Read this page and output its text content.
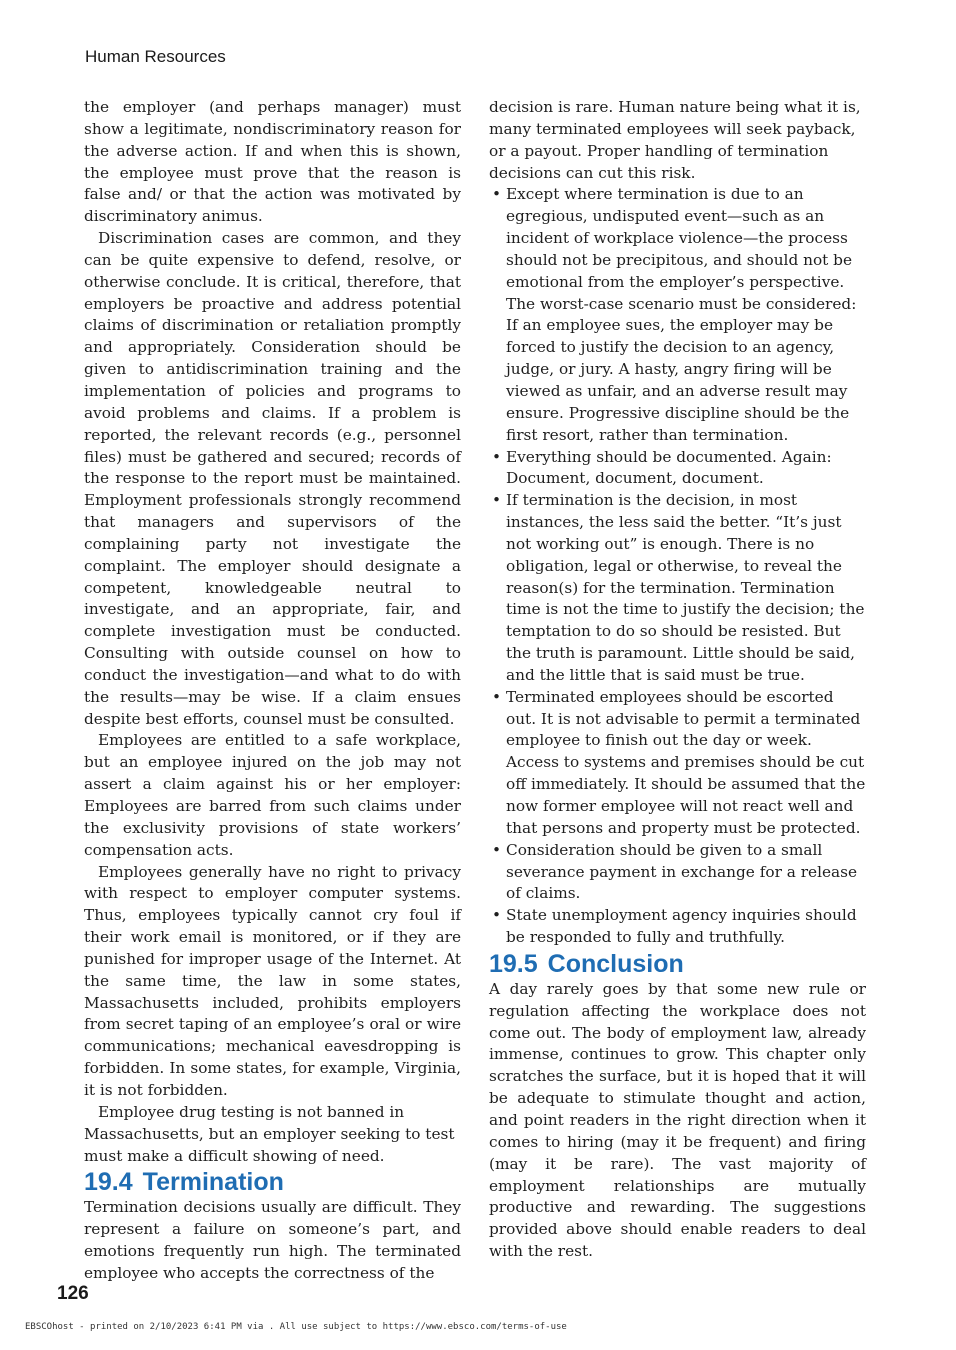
Human Resources

the employer (and perhaps manager) must show a legitimate, nondiscriminatory reason for the adverse action. If and when this is shown, the employee must prove that the reason is false and/ or that the action was motivated by discriminatory animus.

Discrimination cases are common, and they can be quite expensive to defend, resolve, or otherwise conclude. It is critical, therefore, that employers be proactive and address potential claims of discrimination or retaliation promptly and appropriately. Consideration should be given to antidiscrimination training and the implementation of policies and programs to avoid problems and claims. If a problem is reported, the relevant records (e.g., personnel files) must be gathered and secured; records of the response to the report must be maintained. Employment professionals strongly recommend that managers and supervisors of the complaining party not investigate the complaint. The employer should designate a competent, knowledgeable neutral to investigate, and an appropriate, fair, and complete investigation must be conducted. Consulting with outside counsel on how to conduct the investigation—and what to do with the results—may be wise. If a claim ensues despite best efforts, counsel must be consulted.

Employees are entitled to a safe workplace, but an employee injured on the job may not assert a claim against his or her employer: Employees are barred from such claims under the exclusivity provisions of state workers’ compensation acts.

Employees generally have no right to privacy with respect to employer computer systems. Thus, employees typically cannot cry foul if their work email is monitored, or if they are punished for improper usage of the Internet. At the same time, the law in some states, Massachusetts included, prohibits employers from secret taping of an employee’s oral or wire communications; mechanical eavesdropping is forbidden. In some states, for example, Virginia, it is not forbidden.

Employee drug testing is not banned in Massachusetts, but an employer seeking to test must make a difficult showing of need.

19.4 Termination

Termination decisions usually are difficult. They represent a failure on someone’s part, and emotions frequently run high. The terminated employee who accepts the correctness of the

decision is rare. Human nature being what it is, many terminated employees will seek payback, or a payout. Proper handling of termination decisions can cut this risk.

• Except where termination is due to an egregious, undisputed event—such as an incident of workplace violence—the process should not be precipitous, and should not be emotional from the employer’s perspective. The worst-case scenario must be considered: If an employee sues, the employer may be forced to justify the decision to an agency, judge, or jury. A hasty, angry firing will be viewed as unfair, and an adverse result may ensure. Progressive discipline should be the first resort, rather than termination.
• Everything should be documented. Again: Document, document, document.
• If termination is the decision, in most instances, the less said the better. “It’s just not working out” is enough. There is no obligation, legal or otherwise, to reveal the reason(s) for the termination. Termination time is not the time to justify the decision; the temptation to do so should be resisted. But the truth is paramount. Little should be said, and the little that is said must be true.
• Terminated employees should be escorted out. It is not advisable to permit a terminated employee to finish out the day or week. Access to systems and premises should be cut off immediately. It should be assumed that the now former employee will not react well and that persons and property must be protected.
• Consideration should be given to a small severance payment in exchange for a release of claims.
• State unemployment agency inquiries should be responded to fully and truthfully.
19.5 Conclusion

A day rarely goes by that some new rule or regulation affecting the workplace does not come out. The body of employment law, already immense, continues to grow. This chapter only scratches the surface, but it is hoped that it will be adequate to stimulate thought and action, and point readers in the right direction when it comes to hiring (may it be frequent) and firing (may it be rare). The vast majority of employment relationships are mutually productive and rewarding. The suggestions provided above should enable readers to deal with the rest.

126
EBSCOhost - printed on 2/10/2023 6:41 PM via . All use subject to https://www.ebsco.com/terms-of-use
